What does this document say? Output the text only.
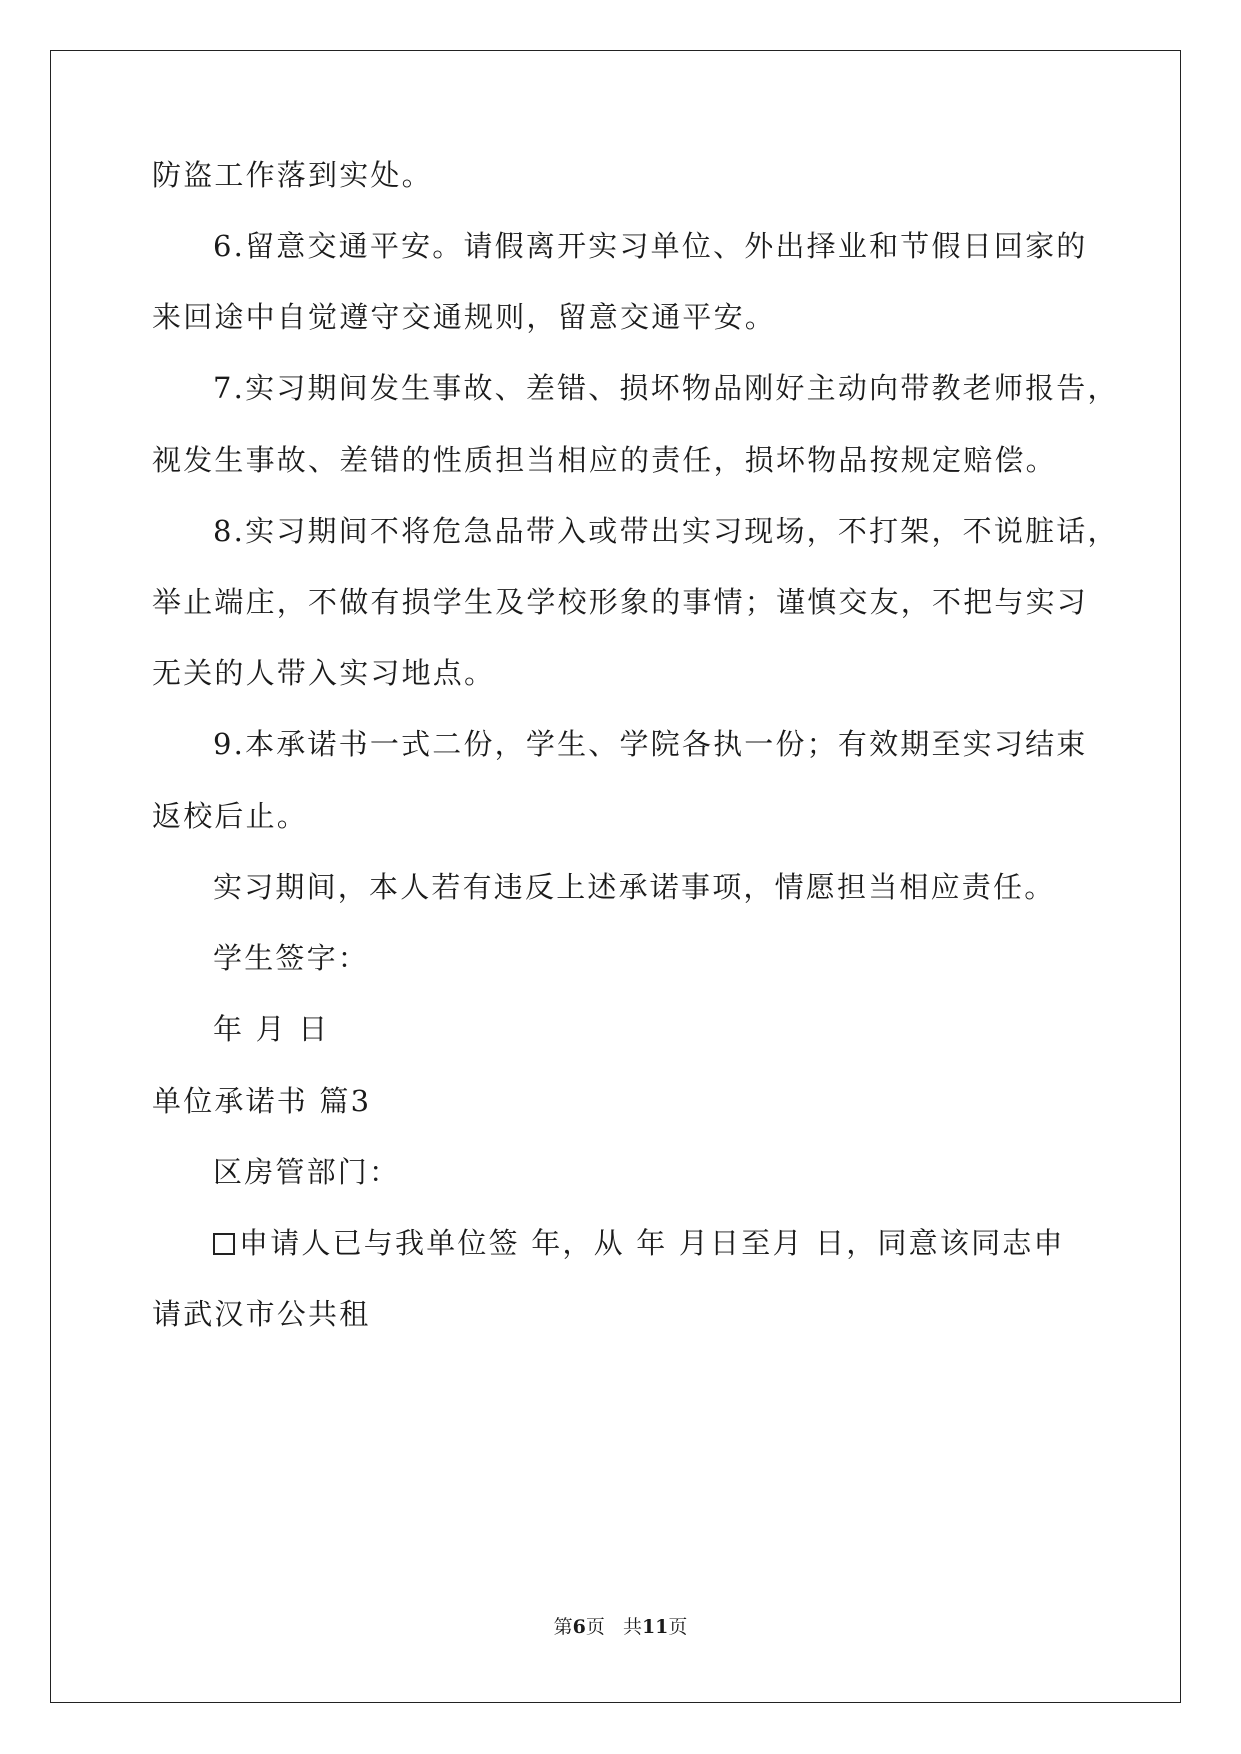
防盗工作落到实处。
6.留意交通平安。请假离开实习单位、外出择业和节假日回家的
来回途中自觉遵守交通规则，留意交通平安。
7.实习期间发生事故、差错、损坏物品刚好主动向带教老师报告，
视发生事故、差错的性质担当相应的责任，损坏物品按规定赔偿。
8.实习期间不将危急品带入或带出实习现场，不打架，不说脏话，
举止端庄，不做有损学生及学校形象的事情；谨慎交友，不把与实习
无关的人带入实习地点。
9.本承诺书一式二份，学生、学院各执一份；有效期至实习结束
返校后止。
实习期间，本人若有违反上述承诺事项，情愿担当相应责任。
学生签字：
年 月 日
单位承诺书 篇3
区房管部门：
申请人已与我单位签 年，从 年 月日至月 日，同意该同志申
请武汉市公共租
第6页   共11页
